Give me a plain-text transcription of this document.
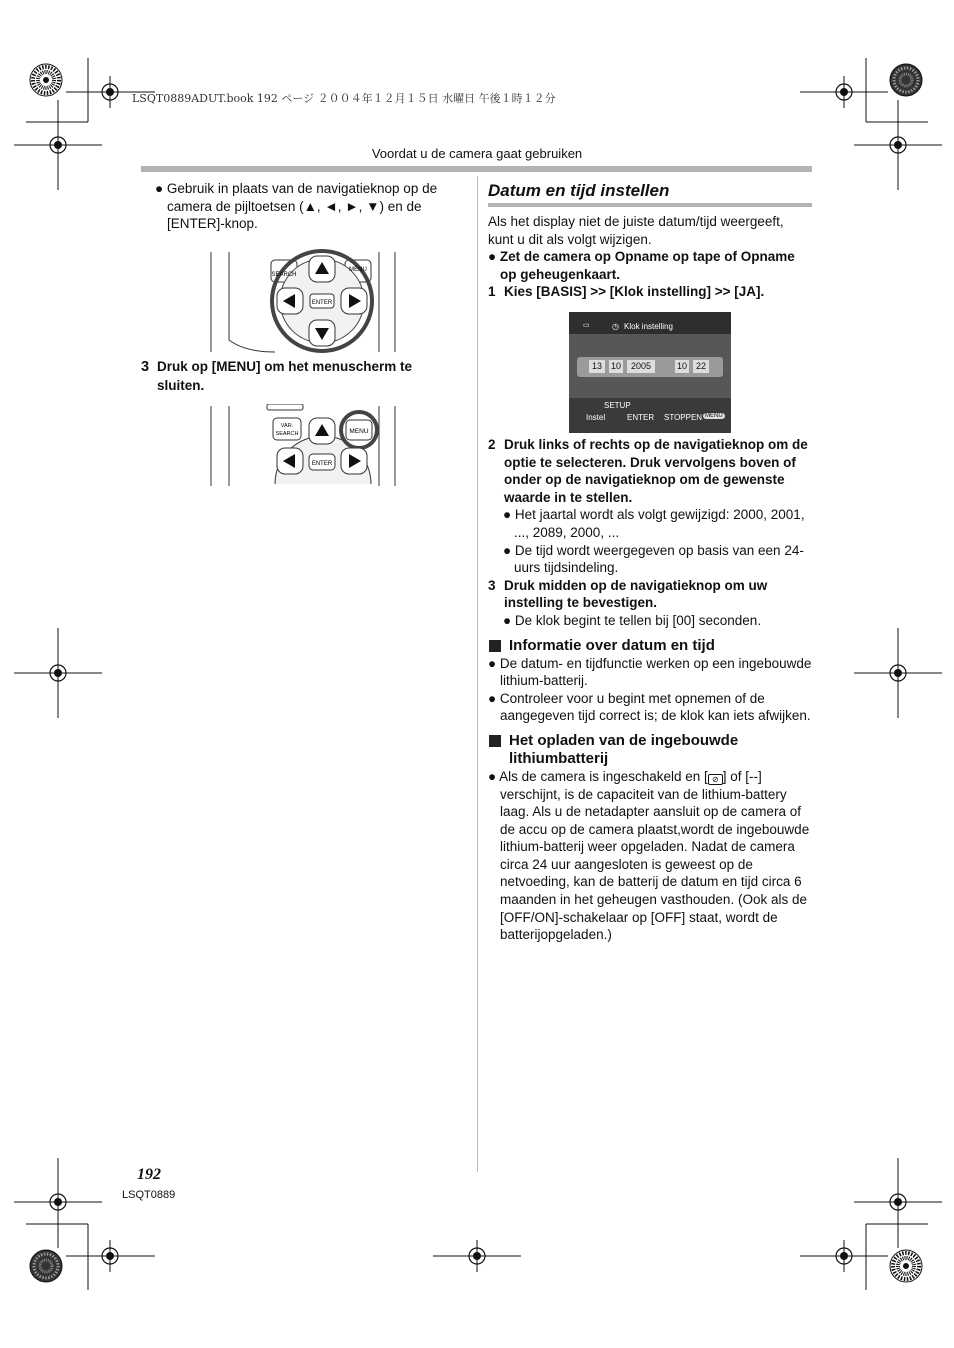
LSQT0889ADUT.book 192 ページ ２００４年１２月１５日 水曜日 午後１時１２分
Voordat u de camera gaat gebruiken

● Gebruik in plaats van de navigatieknop op de camera de pijltoetsen (▲, ◄, ►, ▼) en de [ENTER]-knop.

ENTER
SEARCH
MENU

3 Druk op [MENU] om het menuscherm te sluiten.

VAR.
SEARCH	MENU
ENTER

Datum en tijd instellen

Als het display niet de juiste datum/tijd weergeeft, kunt u dit als volgt wijzigen.

● Zet de camera op Opname op tape of Opname op geheugenkaart.

1 Kies [BASIS] >> [Klok instelling] >> [JA].

▭	◷ Klok instelling
13 10	2005	10 22
SETUP
Instel	ENTER STOPPEN MENU

2 Druk links of rechts op de navigatieknop om de optie te selecteren. Druk vervolgens boven of onder op de navigatieknop om de gewenste waarde in te stellen.

● Het jaartal wordt als volgt gewijzigd: 2000, 2001, ..., 2089, 2000, ...

● De tijd wordt weergegeven op basis van een 24-uurs tijdsindeling.

3 Druk midden op de navigatieknop om uw instelling te bevestigen.

● De klok begint te tellen bij [00] seconden.

Informatie over datum en tijd

● De datum- en tijdfunctie werken op een ingebouwde lithium-batterij.

● Controleer voor u begint met opnemen of de aangegeven tijd correct is; de klok kan iets afwijken.

Het opladen van de ingebouwde lithiumbatterij

● Als de camera is ingeschakeld en [ ⊘ ] of [--] verschijnt, is de capaciteit van de lithium-battery laag. Als u de netadapter aansluit op de camera of de accu op de camera plaatst,wordt de ingebouwde lithium-batterij weer opgeladen. Nadat de camera circa 24 uur aangesloten is geweest op de netvoeding, kan de batterij de datum en tijd circa 6 maanden in het geheugen vasthouden. (Ook als de [OFF/ON]-schakelaar op [OFF] staat, wordt de batterijopgeladen.)

192
LSQT0889
